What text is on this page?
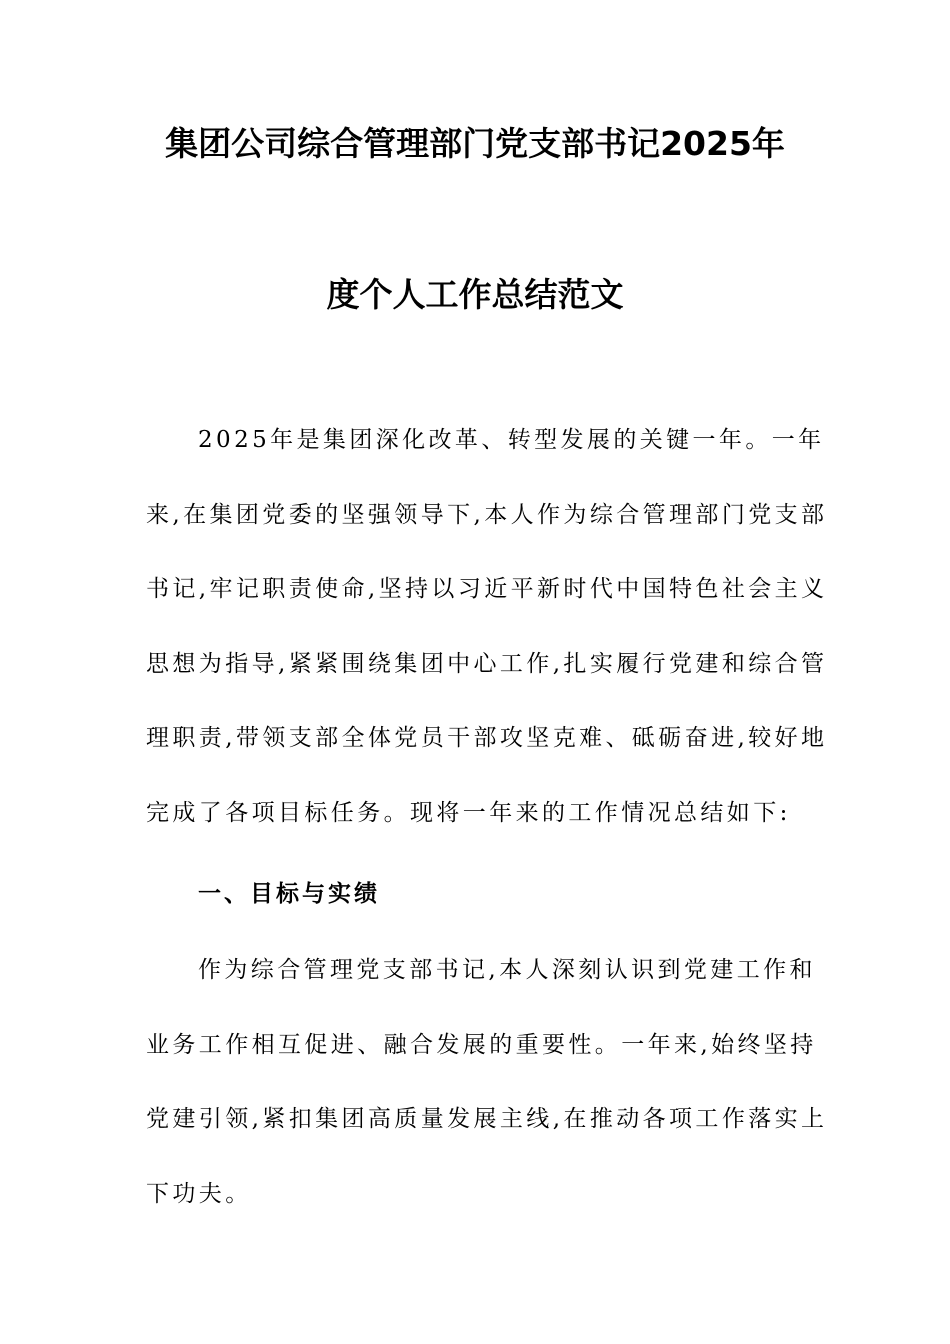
集团公司综合管理部门党支部书记2025年
度个人工作总结范文
2025年是集团深化改革、转型发展的关键一年。一年
来,在集团党委的坚强领导下,本人作为综合管理部门党支部
书记,牢记职责使命,坚持以习近平新时代中国特色社会主义
思想为指导,紧紧围绕集团中心工作,扎实履行党建和综合管
理职责,带领支部全体党员干部攻坚克难、砥砺奋进,较好地
完成了各项目标任务。现将一年来的工作情况总结如下:
一、目标与实绩
作为综合管理党支部书记,本人深刻认识到党建工作和
业务工作相互促进、融合发展的重要性。一年来,始终坚持
党建引领,紧扣集团高质量发展主线,在推动各项工作落实上
下功夫。
